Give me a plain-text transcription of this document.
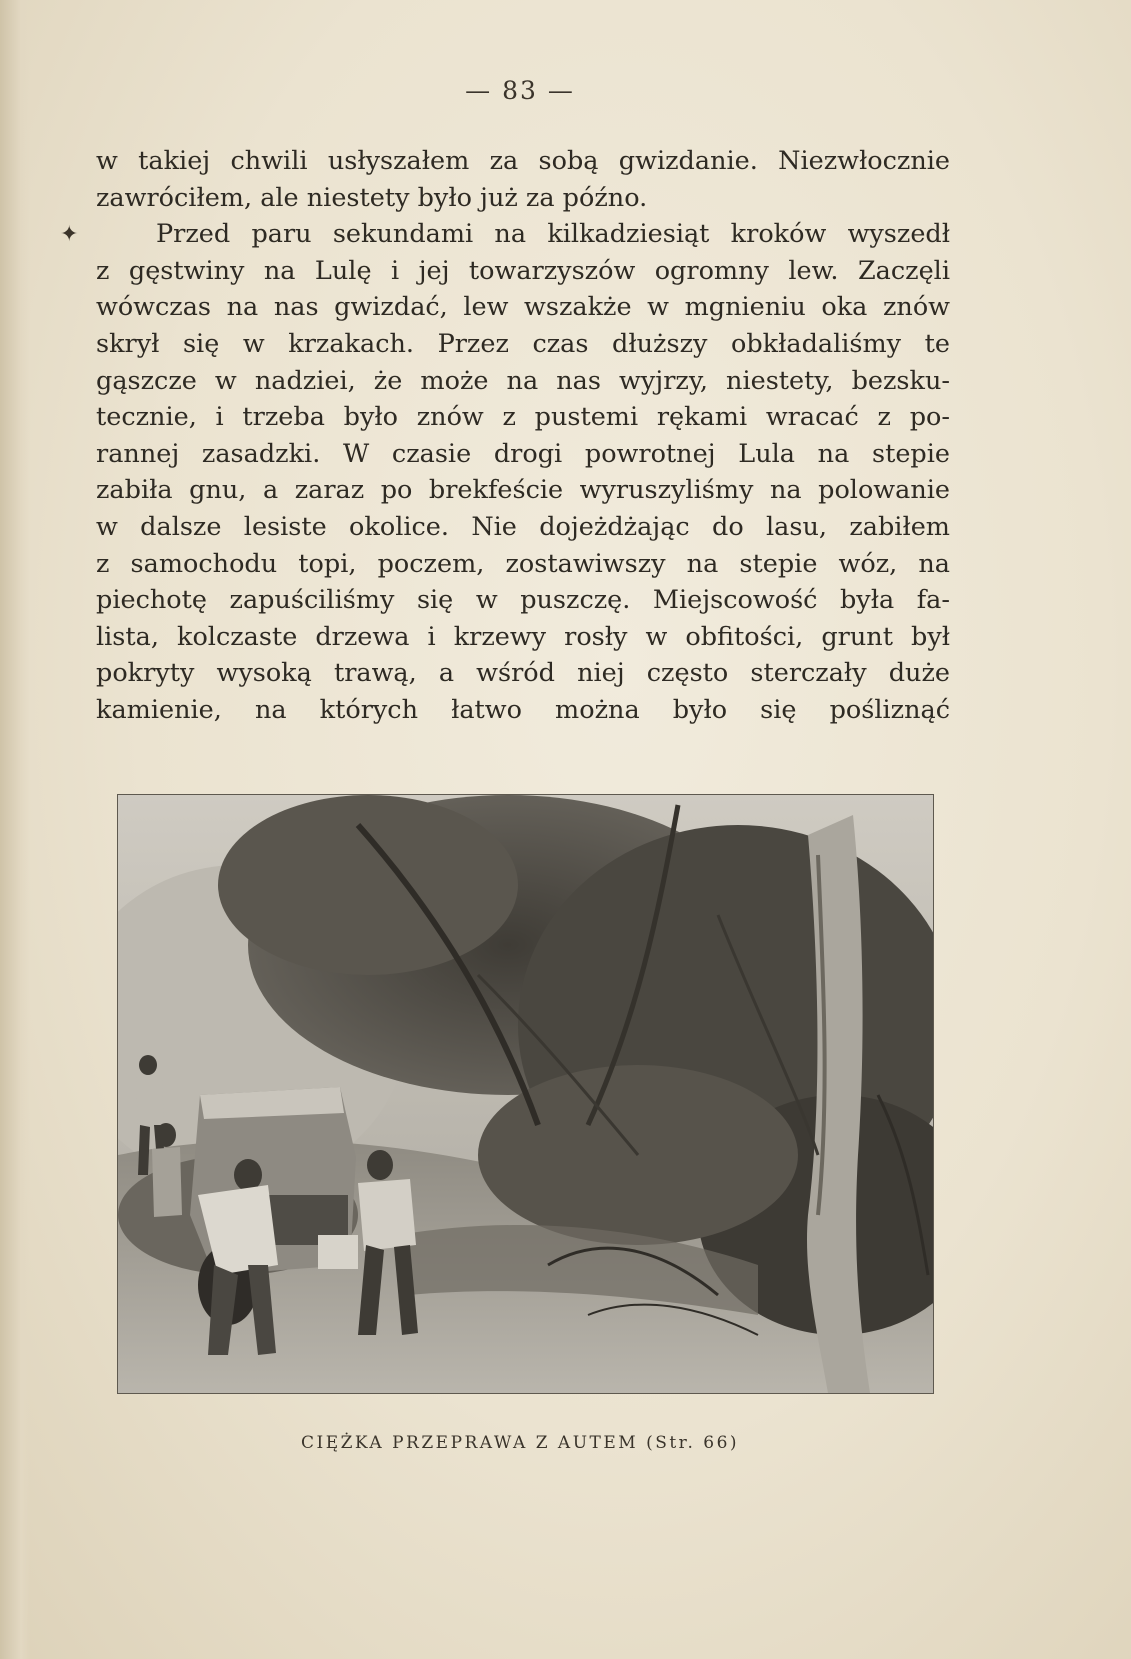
— 83 —
✦
w takiej chwili usłyszałem za sobą gwizdanie. Niezwłocznie
zawróciłem, ale niestety było już za późno.
Przed paru sekundami na kilkadziesiąt kroków wyszedł
z gęstwiny na Lulę i jej towarzyszów ogromny lew. Zaczęli
wówczas na nas gwizdać, lew wszakże w mgnieniu oka znów
skrył się w krzakach. Przez czas dłuższy obkładaliśmy te
gąszcze w nadziei, że może na nas wyjrzy, niestety, bezsku-
tecznie, i trzeba było znów z pustemi rękami wracać z po-
rannej zasadzki. W czasie drogi powrotnej Lula na stepie
zabiła gnu, a zaraz po brekfeście wyruszyliśmy na polowanie
w dalsze lesiste okolice. Nie dojeżdżając do lasu, zabiłem
z samochodu topi, poczem, zostawiwszy na stepie wóz, na
piechotę zapuściliśmy się w puszczę. Miejscowość była fa-
lista, kolczaste drzewa i krzewy rosły w obfitości, grunt był
pokryty wysoką trawą, a wśród niej często sterczały duże
kamienie, na których łatwo można było się pośliznąć
CIĘŻKA PRZEPRAWA Z AUTEM (Str. 66)
